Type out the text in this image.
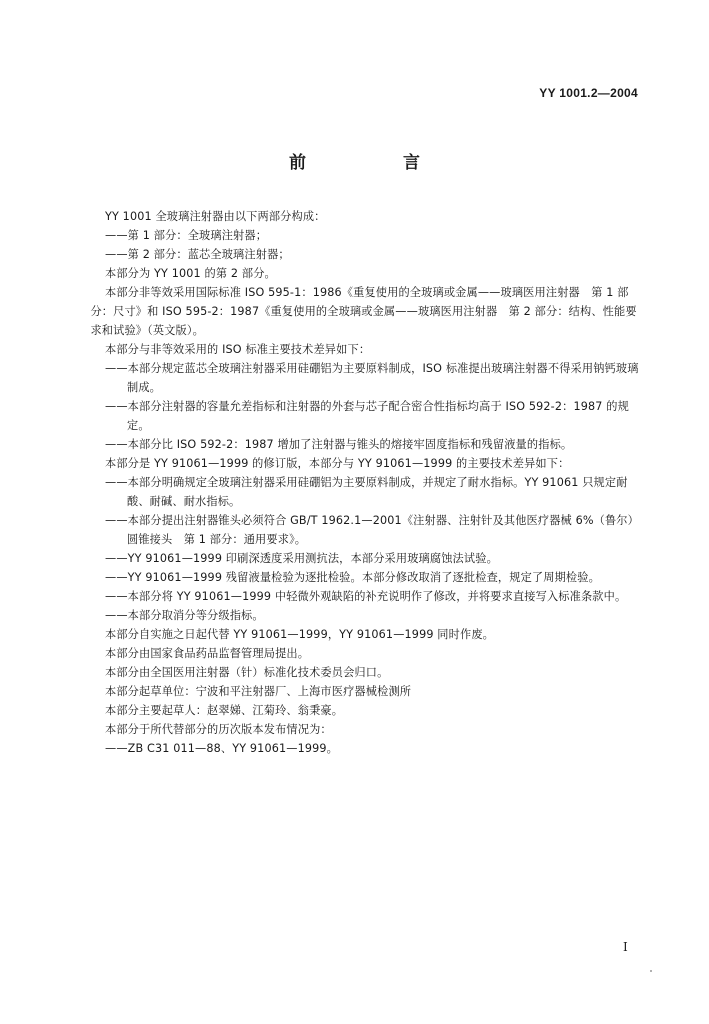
YY 1001.2—2004
前　言

YY 1001 全玻璃注射器由以下两部分构成：

——第 1 部分：全玻璃注射器；

——第 2 部分：蓝芯全玻璃注射器；

本部分为 YY 1001 的第 2 部分。

本部分非等效采用国际标准 ISO 595-1：1986《重复使用的全玻璃或金属——玻璃医用注射器　第 1 部分：尺寸》和 ISO 595-2：1987《重复使用的全玻璃或金属——玻璃医用注射器　第 2 部分：结构、性能要求和试验》（英文版）。

本部分与非等效采用的 ISO 标准主要技术差异如下：

——本部分规定蓝芯全玻璃注射器采用硅硼铝为主要原料制成，ISO 标准提出玻璃注射器不得采用钠钙玻璃制成。

——本部分注射器的容量允差指标和注射器的外套与芯子配合密合性指标均高于 ISO 592-2：1987 的规定。

——本部分比 ISO 592-2：1987 增加了注射器与锥头的熔接牢固度指标和残留液量的指标。

本部分是 YY 91061—1999 的修订版，本部分与 YY 91061—1999 的主要技术差异如下：

——本部分明确规定全玻璃注射器采用硅硼铝为主要原料制成，并规定了耐水指标。YY 91061 只规定耐酸、耐碱、耐水指标。

——本部分提出注射器锥头必须符合 GB/T 1962.1—2001《注射器、注射针及其他医疗器械 6%（鲁尔）圆锥接头　第 1 部分：通用要求》。

——YY 91061—1999 印刷深透度采用测抗法，本部分采用玻璃腐蚀法试验。

——YY 91061—1999 残留液量检验为逐批检验。本部分修改取消了逐批检查，规定了周期检验。

——本部分将 YY 91061—1999 中轻微外观缺陷的补充说明作了修改，并将要求直接写入标准条款中。

——本部分取消分等分级指标。

本部分自实施之日起代替 YY 91061—1999，YY 91061—1999 同时作废。

本部分由国家食品药品监督管理局提出。

本部分由全国医用注射器（针）标准化技术委员会归口。

本部分起草单位：宁波和平注射器厂、上海市医疗器械检测所

本部分主要起草人：赵翠娣、江菊玲、翁秉豪。

本部分于所代替部分的历次版本发布情况为：

——ZB C31 011—88、YY 91061—1999。

I
